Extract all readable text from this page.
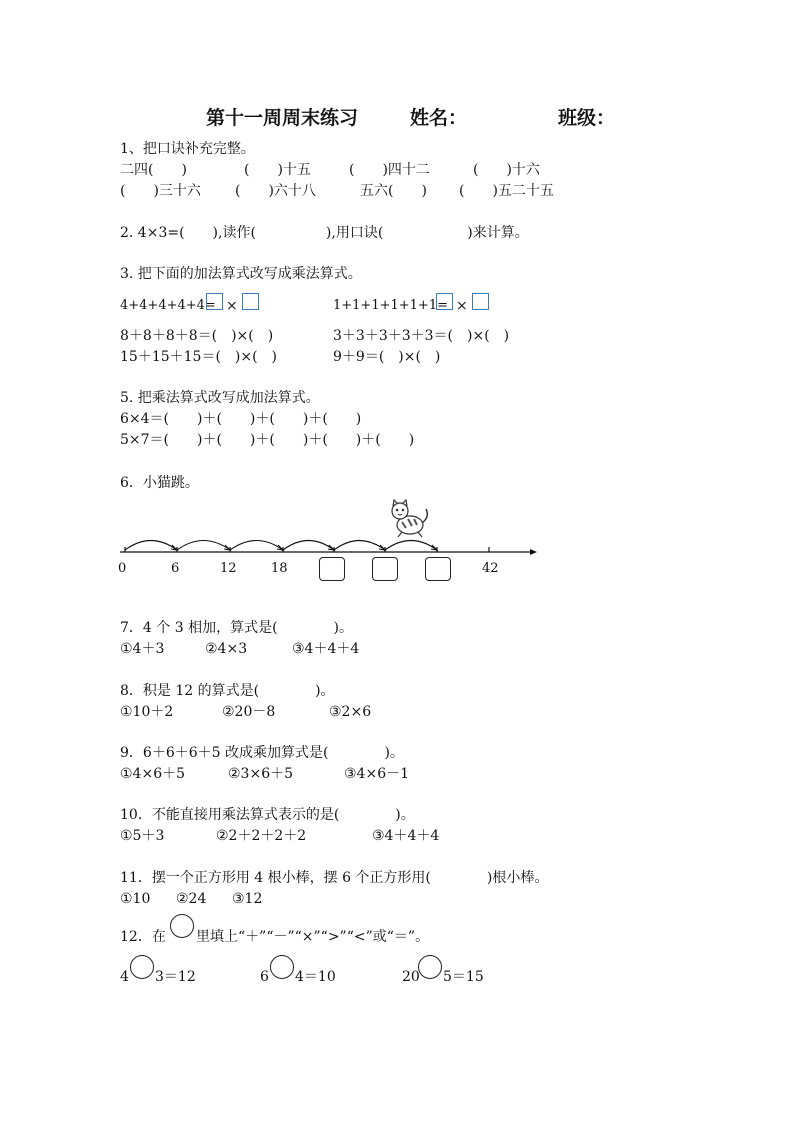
第十一周周末练习	姓名：	班级：
1、把口诀补充完整。
二四(　　)	(　　)十五	(　　)四十二	(　　)十六
(　　)三十六 (　　)六十八	五六(　　) (　　)五二十五
2. 4×3=(　　),读作(　　　　　),用口诀(　　　　　　)来计算。
3. 把下面的加法算式改写成乘法算式。
4+4+4+4+4= ×	1+1+1+1+1+1= ×
8＋8＋8＋8＝(　)×(　)	3＋3＋3＋3＋3＝(　)×(　)
15＋15＋15＝(　)×(　)	9＋9＝(　)×(　)
5. 把乘法算式改写成加法算式。
6×4＝(　　)＋(　　)＋(　　)＋(　　)
5×7＝(　　)＋(　　)＋(　　)＋(　　)＋(　　)
6．小猫跳。
0	6	12	18	42
7．4 个 3 相加，算式是(　　　　)。
①4＋3	②4×3	③4＋4＋4
8．积是 12 的算式是(　　　　)。
①10＋2	②20－8	③2×6
9．6＋6＋6＋5 改成乘加算式是(　　　　)。
①4×6＋5	②3×6＋5	③4×6－1
10．不能直接用乘法算式表示的是(　　　　)。
①5＋3	②2＋2＋2＋2	③4＋4＋4
11．摆一个正方形用 4 根小棒，摆 6 个正方形用(　　　　)根小棒。
①10 ②24 ③12
12．在 里填上“＋”“－”“×”“>”“<”或“＝”。
4 3＝12	6 4＝10	20 5＝15
